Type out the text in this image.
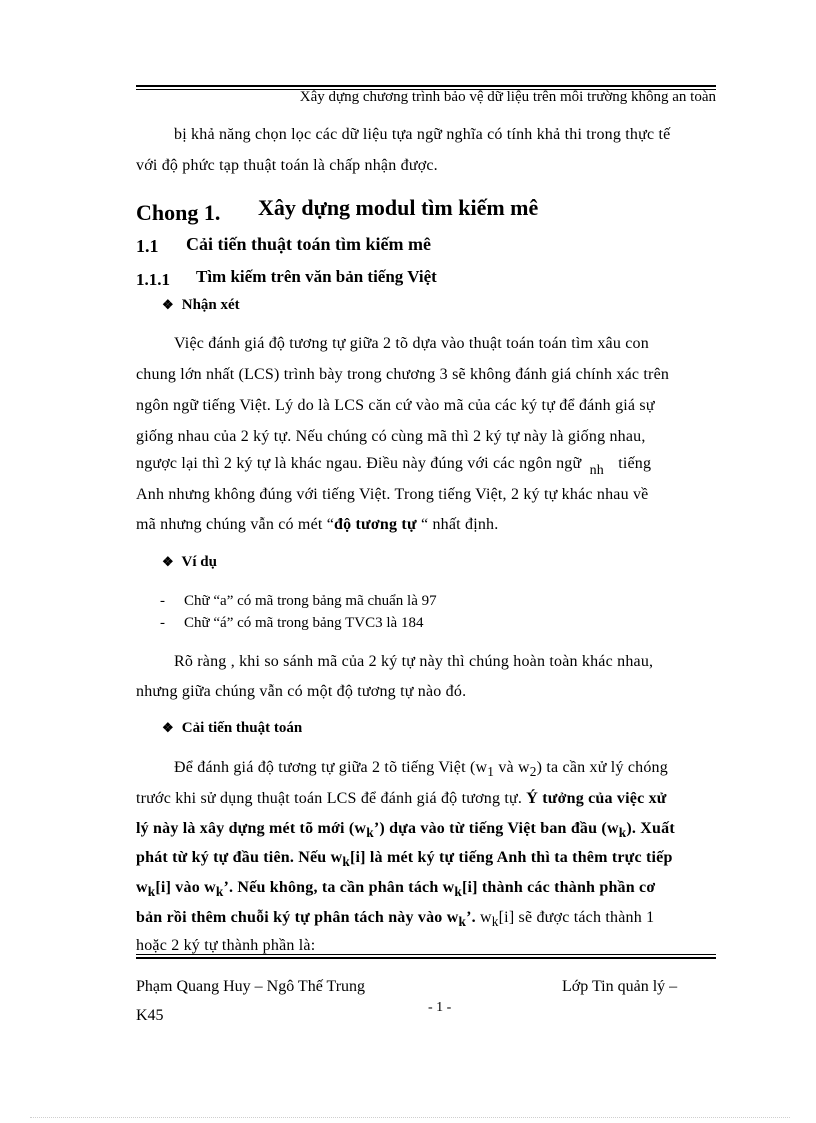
Xây dựng chương trình bảo vệ dữ liệu trên môi trường không an toàn
bị khả năng chọn lọc các dữ liệu tựa ngữ nghĩa có tính khả thi trong thực tế
với độ phức tạp thuật toán là chấp nhận được.
Chong 1. Xây dựng modul tìm kiếm mê
1.1 Cải tiến thuật toán tìm kiếm mê
1.1.1 Tìm kiếm trên văn bản tiếng Việt
❖ Nhận xét
Việc đánh giá độ tương tự giữa 2 tõ dựa vào thuật toán toán tìm xâu con
chung lớn nhất (LCS) trình bày trong chương 3 sẽ không đánh giá chính xác trên
ngôn ngữ tiếng Việt. Lý do là LCS căn cứ vào mã của các ký tự để đánh giá sự
giống nhau của 2 ký tự. Nếu chúng có cùng mã thì 2 ký tự này là giống nhau,
ngược lại thì 2 ký tự là khác ngau. Điều này đúng với các ngôn ngữ nh tiếng
Anh nhưng không đúng với tiếng Việt. Trong tiếng Việt, 2 ký tự khác nhau về
mã nhưng chúng vẫn có mét “độ tương tự “ nhất định.
❖ Ví dụ
- Chữ “a” có mã trong bảng mã chuẩn là 97
- Chữ “á” có mã trong bảng TVC3 là 184
Rõ ràng , khi so sánh mã của 2 ký tự này thì chúng hoàn toàn khác nhau,
nhưng giữa chúng vẫn có một độ tương tự nào đó.
❖ Cải tiến thuật toán
Để đánh giá độ tương tự giữa 2 tõ tiếng Việt ($w_1$ và $w_2$) ta cần xử lý chóng
trước khi sử dụng thuật toán LCS để đánh giá độ tương tự. Ý tưởng của việc xử
lý này là xây dựng mét tõ mới $(w_k’)$ dựa vào từ tiếng Việt ban đầu $(w_k)$. Xuất
phát từ ký tự đầu tiên. Nếu $w_k[i]$ là mét ký tự tiếng Anh thì ta thêm trực tiếp
$w_k[i]$ vào $w_k$’. Nếu không, ta cần phân tách $w_k[i]$ thành các thành phần cơ
bản rồi thêm chuỗi ký tự phân tách này vào $w_k$’. $w_k[i]$ sẽ được tách thành 1
hoặc 2 ký tự thành phần là:
Phạm Quang Huy – Ngô Thế Trung	Lớp Tin quản lý –
K45	- 1 -
